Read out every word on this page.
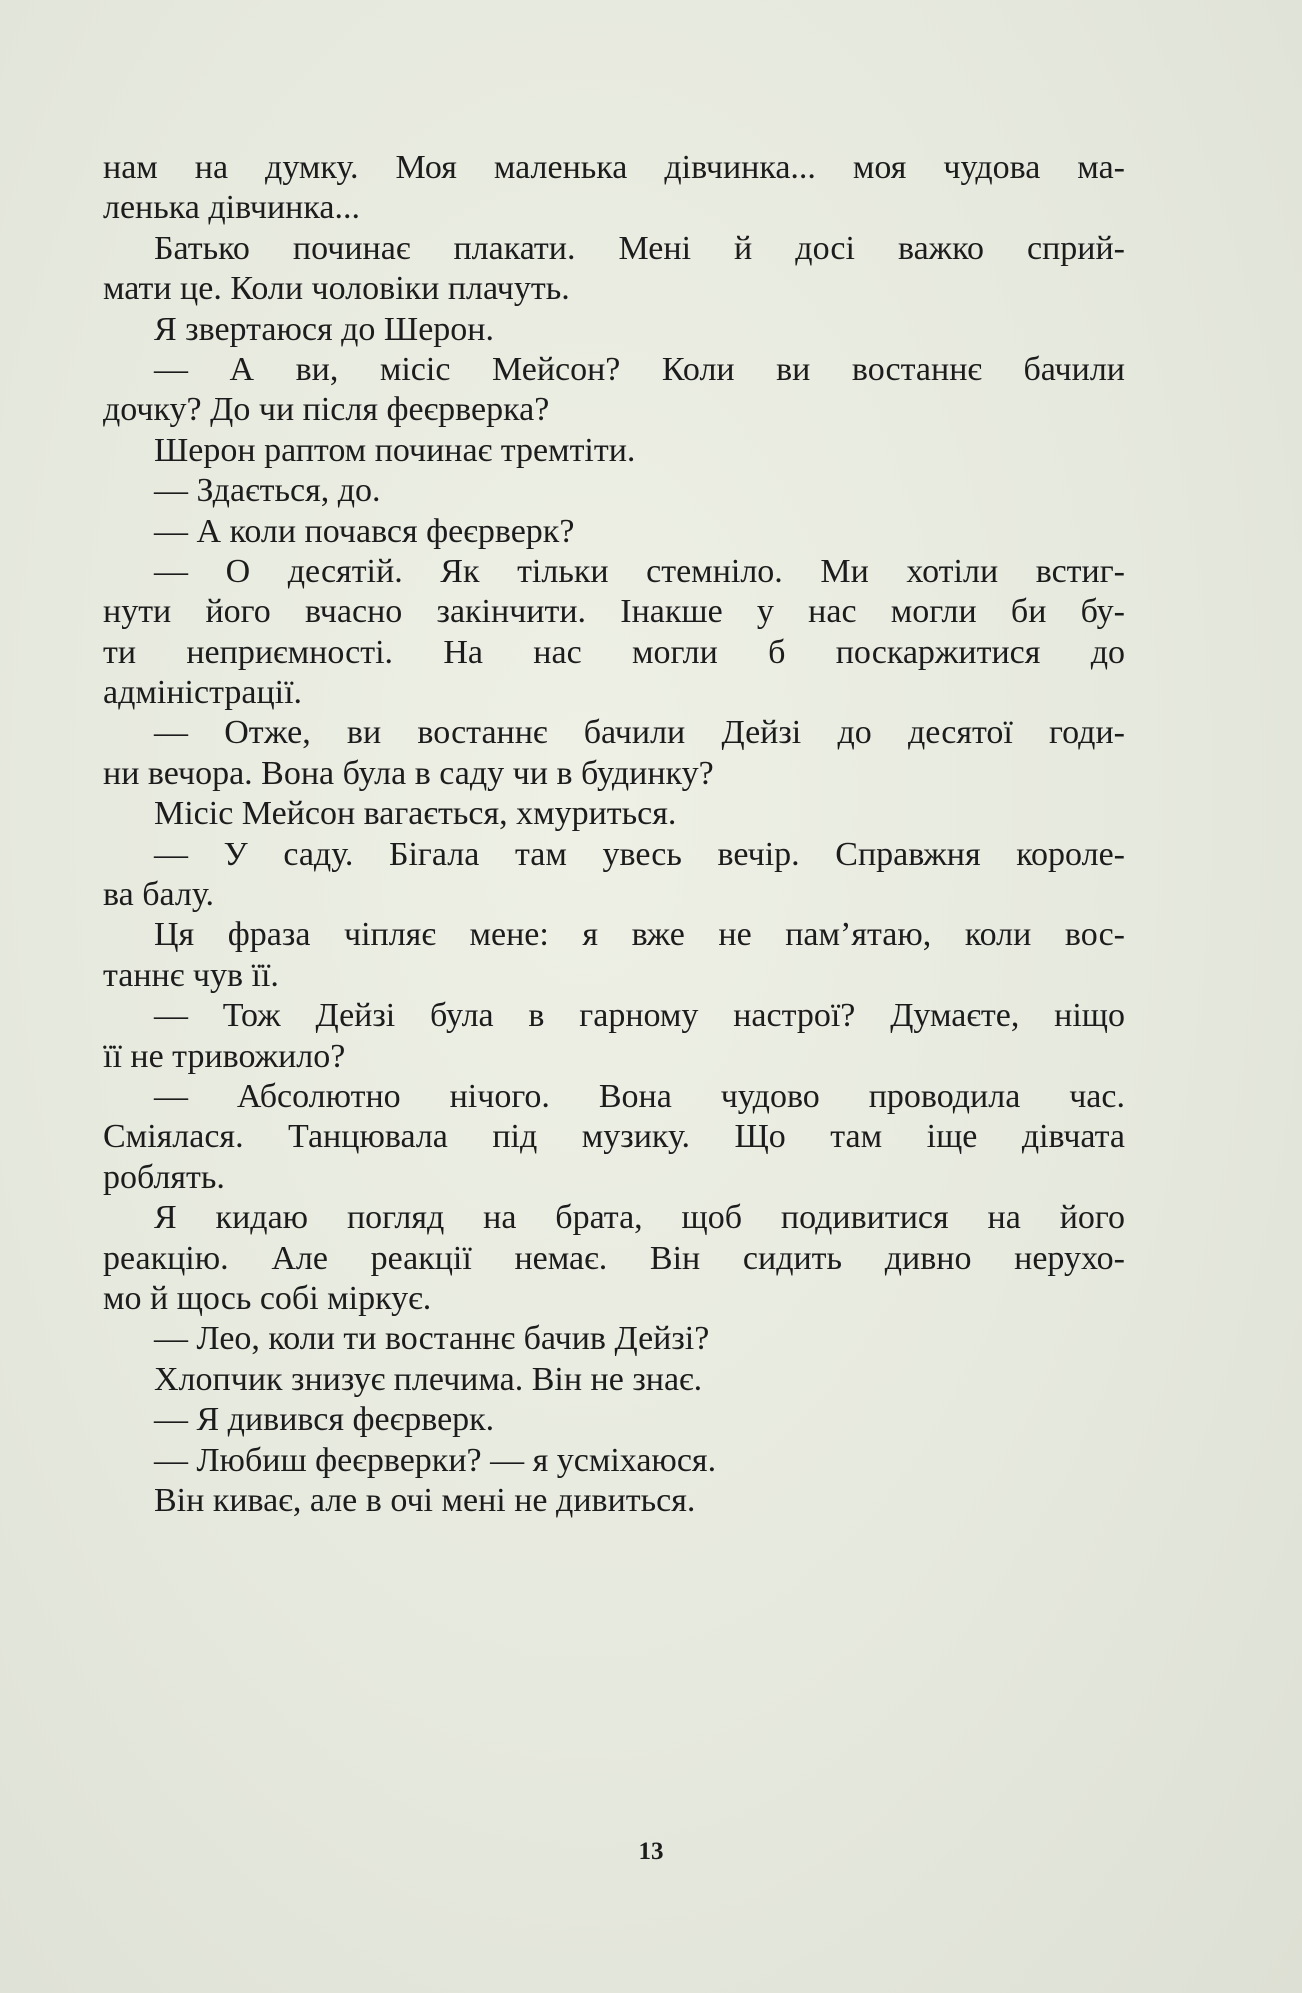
нам на думку. Моя маленька дівчинка... моя чудова ма-
ленька дівчинка...
Батько починає плакати. Мені й досі важко сприй-
мати це. Коли чоловіки плачуть.
Я звертаюся до Шерон.
— А ви, місіс Мейсон? Коли ви востаннє бачили
дочку? До чи після феєрверка?
Шерон раптом починає тремтіти.
— Здається, до.
— А коли почався феєрверк?
— О десятій. Як тільки стемніло. Ми хотіли встиг-
нути його вчасно закінчити. Інакше у нас могли би бу-
ти неприємності. На нас могли б поскаржитися до
адміністрації.
— Отже, ви востаннє бачили Дейзі до десятої годи-
ни вечора. Вона була в саду чи в будинку?
Місіс Мейсон вагається, хмуриться.
— У саду. Бігала там увесь вечір. Справжня короле-
ва балу.
Ця фраза чіпляє мене: я вже не пам’ятаю, коли вос-
таннє чув її.
— Тож Дейзі була в гарному настрої? Думаєте, ніщо
її не тривожило?
— Абсолютно нічого. Вона чудово проводила час.
Сміялася. Танцювала під музику. Що там іще дівчата
роблять.
Я кидаю погляд на брата, щоб подивитися на його
реакцію. Але реакції немає. Він сидить дивно нерухо-
мо й щось собі міркує.
— Лео, коли ти востаннє бачив Дейзі?
Хлопчик знизує плечима. Він не знає.
— Я дивився феєрверк.
— Любиш феєрверки? — я усміхаюся.
Він киває, але в очі мені не дивиться.
13
